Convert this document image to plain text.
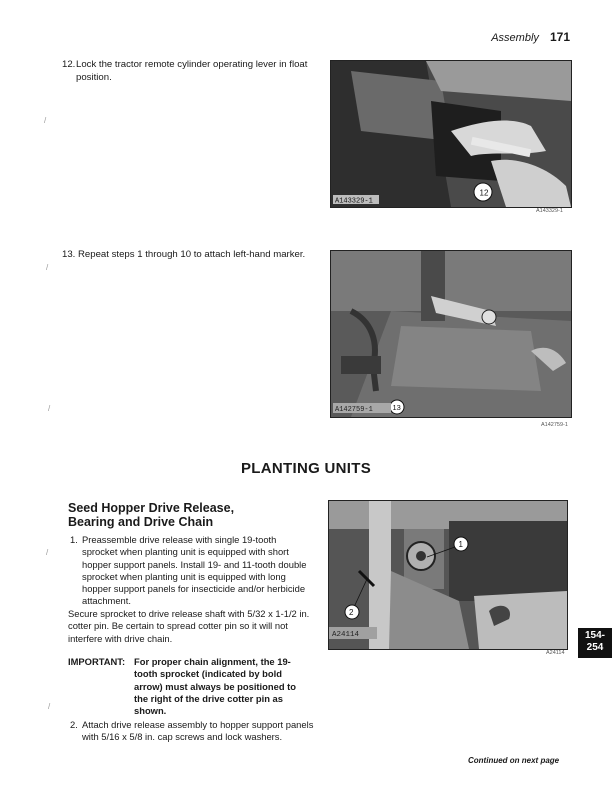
Assembly 171
12. Lock the tractor remote cylinder operating lever in float position.
/
A143329-1
12
A143329-1
13. Repeat steps 1 through 10 to attach left-hand marker.
/
/	A142759-1	13
A142759-1
PLANTING UNITS
Seed Hopper Drive Release,
Bearing and Drive Chain
1. Preassemble drive release with single 19-tooth sprocket when planting unit is equipped with short hopper support panels. Install 19- and 11-tooth double sprocket when planting unit is equipped with long hopper support panels for insecticide and/or herbicide attachment.
/
Secure sprocket to drive release shaft with 5/32 x 1-1/2 in. cotter pin. Be certain to spread cotter pin so it will not interfere with drive chain.
IMPORTANT: For proper chain alignment, the 19-tooth sprocket (indicated by bold arrow) must always be positioned to the right of the drive cotter pin as shown.
/
2. Attach drive release assembly to hopper support panels with 5/16 x 5/8 in. cap screws and lock washers.
A24114
1
2
A24114
154-
254
Continued on next page
